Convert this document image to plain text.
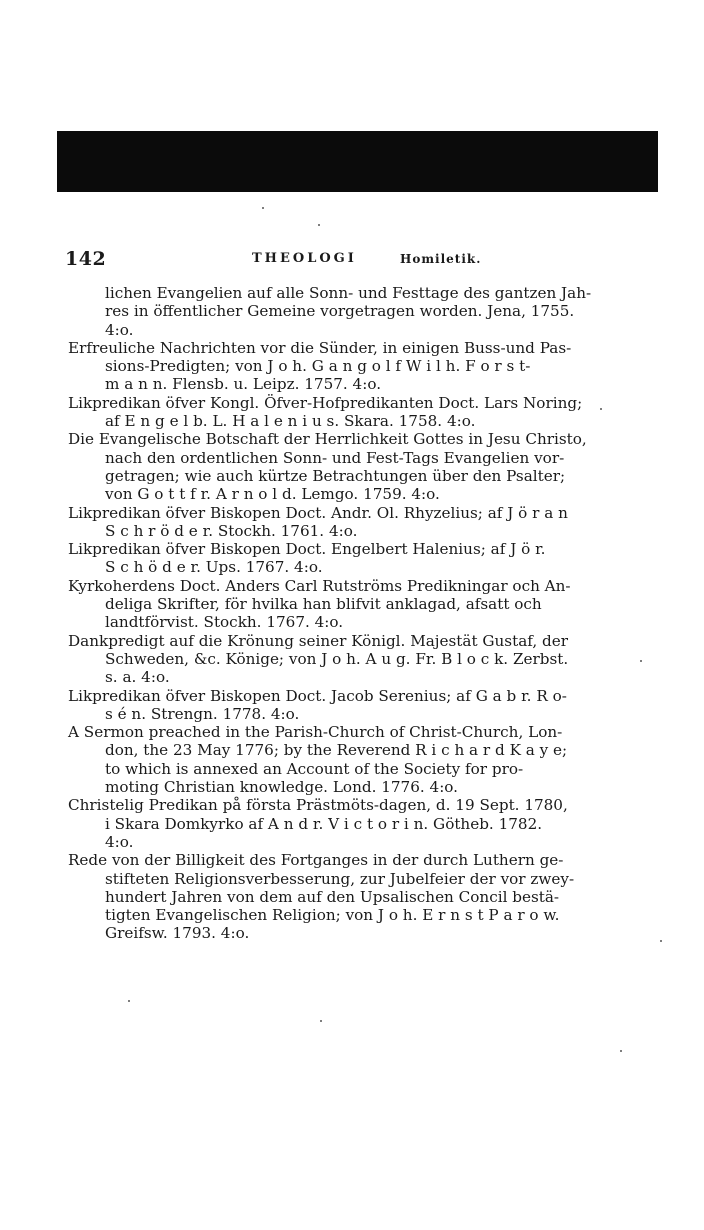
142	THEOLOGI	Homiletik.
lichen Evangelien auf alle Sonn- und Festtage des gantzen Jah-
res in öffentlicher Gemeine vorgetragen worden. Jena, 1755.
4:o.
Erfreuliche Nachrichten vor die Sünder, in einigen Buss-und Pas-
sions-Predigten; von J o h. G a n g o l f W i l h. F o r s t-
m a n n. Flensb. u. Leipz. 1757. 4:o.
Likpredikan öfver Kongl. Öfver-Hofpredikanten Doct. Lars Noring;
af E n g e l b. L. H a l e n i u s. Skara. 1758. 4:o.
Die Evangelische Botschaft der Herrlichkeit Gottes in Jesu Christo,
nach den ordentlichen Sonn- und Fest-Tags Evangelien vor-
getragen; wie auch kürtze Betrachtungen über den Psalter;
von G o t t f r. A r n o l d. Lemgo. 1759. 4:o.
Likpredikan öfver Biskopen Doct. Andr. Ol. Rhyzelius; af J ö r a n
S c h r ö d e r. Stockh. 1761. 4:o.
Likpredikan öfver Biskopen Doct. Engelbert Halenius; af J ö r.
S c h ö d e r. Ups. 1767. 4:o.
Kyrkoherdens Doct. Anders Carl Rutströms Predikningar och An-
deliga Skrifter, för hvilka han blifvit anklagad, afsatt och
landtförvist. Stockh. 1767. 4:o.
Dankpredigt auf die Krönung seiner Königl. Majestät Gustaf, der
Schweden, &c. Könige; von J o h. A u g. Fr. B l o c k. Zerbst.
s. a. 4:o.
Likpredikan öfver Biskopen Doct. Jacob Serenius; af G a b r. R o-
s é n. Strengn. 1778. 4:o.
A Sermon preached in the Parish-Church of Christ-Church, Lon-
don, the 23 May 1776; by the Reverend R i c h a r d K a y e;
to which is annexed an Account of the Society for pro-
moting Christian knowledge. Lond. 1776. 4:o.
Christelig Predikan på första Prästmöts-dagen, d. 19 Sept. 1780,
i Skara Domkyrko af A n d r. V i c t o r i n. Götheb. 1782.
4:o.
Rede von der Billigkeit des Fortganges in der durch Luthern ge-
stifteten Religionsverbesserung, zur Jubelfeier der vor zwey-
hundert Jahren von dem auf den Upsalischen Concil bestä-
tigten Evangelischen Religion; von J o h. E r n s t P a r o w.
Greifsw. 1793. 4:o.
